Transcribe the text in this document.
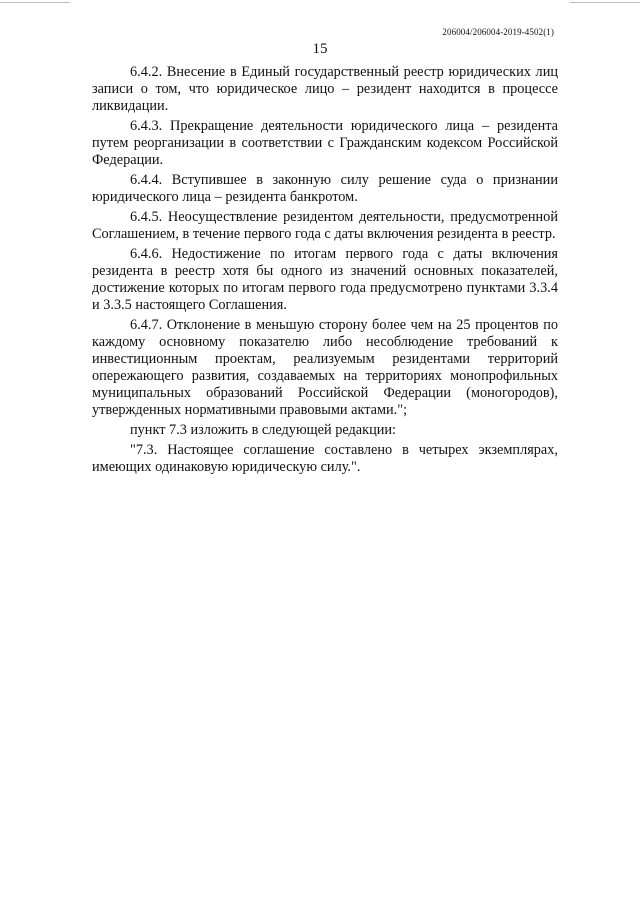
206004/206004-2019-4502(1)
15

6.4.2. Внесение в Единый государственный реестр юридических лиц записи о том, что юридическое лицо – резидент находится в процессе ликвидации.

6.4.3. Прекращение деятельности юридического лица – резидента путем реорганизации в соответствии с Гражданским кодексом Российской Федерации.

6.4.4. Вступившее в законную силу решение суда о признании юридического лица – резидента банкротом.

6.4.5. Неосуществление резидентом деятельности, предусмотренной Соглашением, в течение первого года с даты включения резидента в реестр.

6.4.6. Недостижение по итогам первого года с даты включения резидента в реестр хотя бы одного из значений основных показателей, достижение которых по итогам первого года предусмотрено пунктами 3.3.4 и 3.3.5 настоящего Соглашения.

6.4.7. Отклонение в меньшую сторону более чем на 25 процентов по каждому основному показателю либо несоблюдение требований к инвестиционным проектам, реализуемым резидентами территорий опережающего развития, создаваемых на территориях монопрофильных муниципальных образований Российской Федерации (моногородов), утвержденных нормативными правовыми актами.";

пункт 7.3 изложить в следующей редакции:

"7.3. Настоящее соглашение составлено в четырех экземплярах, имеющих одинаковую юридическую силу.".
